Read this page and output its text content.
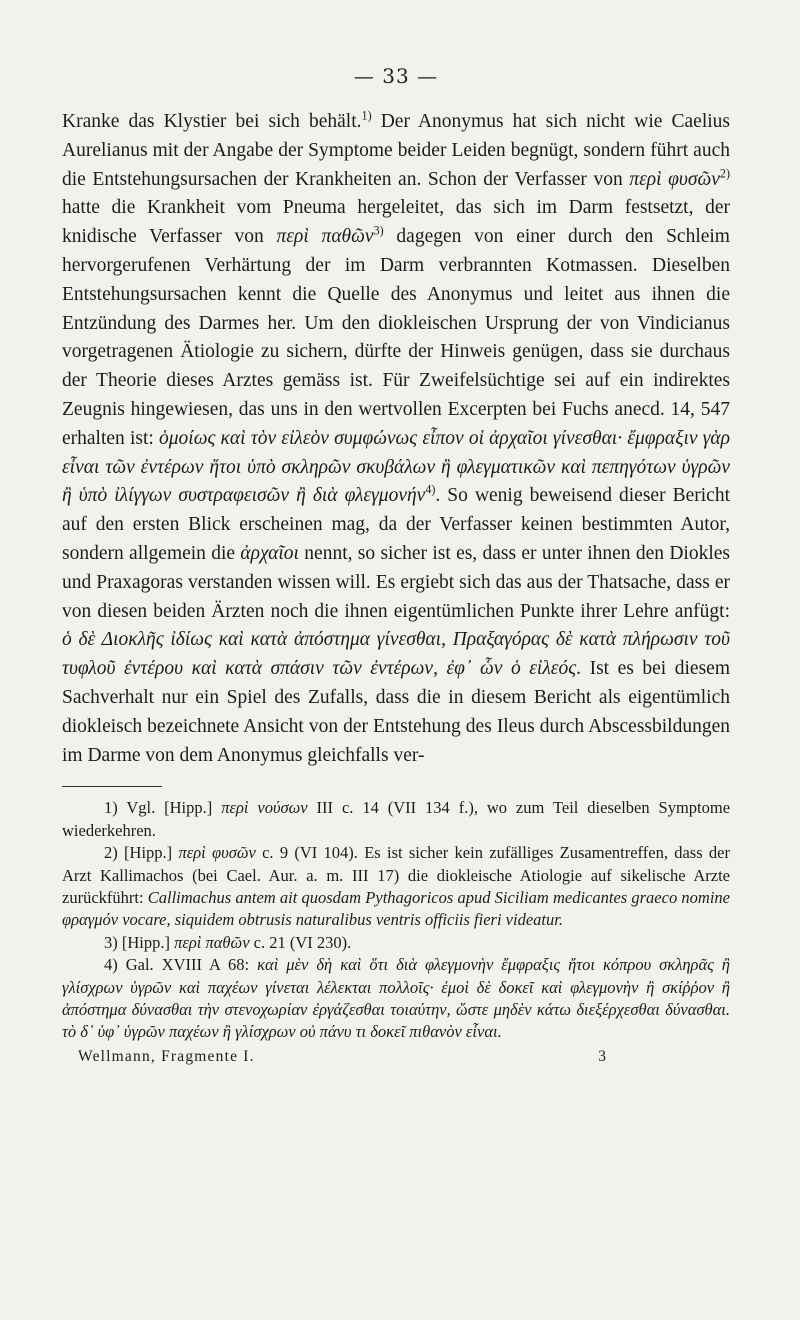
— 33 —

Kranke das Klystier bei sich behält.$^{1)}$ Der Anonymus hat sich nicht wie Caelius Aurelianus mit der Angabe der Symptome beider Leiden begnügt, sondern führt auch die Entstehungsursachen der Krankheiten an. Schon der Verfasser von περὶ φυσῶν$^{2)}$ hatte die Krankheit vom Pneuma hergeleitet, das sich im Darm festsetzt, der knidische Verfasser von περὶ παθῶν$^{3)}$ dagegen von einer durch den Schleim hervorgerufenen Verhärtung der im Darm verbrannten Kotmassen. Dieselben Entstehungsursachen kennt die Quelle des Anonymus und leitet aus ihnen die Entzündung des Darmes her. Um den diokleischen Ursprung der von Vindicianus vorgetragenen Ätiologie zu sichern, dürfte der Hinweis genügen, dass sie durchaus der Theorie dieses Arztes gemäss ist. Für Zweifelsüchtige sei auf ein indirektes Zeugnis hingewiesen, das uns in den wertvollen Excerpten bei Fuchs anecd. 14, 547 erhalten ist: ὁμοίως καὶ τὸν εἰλεὸν συμφώνως εἶπον οἱ ἀρχαῖοι γίνεσθαι· ἔμφραξιν γὰρ εἶναι τῶν ἐντέρων ἤτοι ὑπὸ σκληρῶν σκυβάλων ἢ φλεγματικῶν καὶ πεπηγότων ὑγρῶν ἢ ὑπὸ ἰλίγγων συστραφεισῶν ἢ διὰ φλεγμονήν$^{4)}$. So wenig beweisend dieser Bericht auf den ersten Blick erscheinen mag, da der Verfasser keinen bestimmten Autor, sondern allgemein die ἀρχαῖοι nennt, so sicher ist es, dass er unter ihnen den Diokles und Praxagoras verstanden wissen will. Es ergiebt sich das aus der Thatsache, dass er von diesen beiden Ärzten noch die ihnen eigentümlichen Punkte ihrer Lehre anfügt: ὁ δὲ Διοκλῆς ἰδίως καὶ κατὰ ἀπόστημα γίνεσθαι, Πραξαγόρας δὲ κατὰ πλήρωσιν τοῦ τυφλοῦ ἐντέρου καὶ κατὰ σπάσιν τῶν ἐντέρων, ἐφ᾽ ὧν ὁ εἰλεός. Ist es bei diesem Sachverhalt nur ein Spiel des Zufalls, dass die in diesem Bericht als eigentümlich diokleisch bezeichnete Ansicht von der Entstehung des Ileus durch Abscessbildungen im Darme von dem Anonymus gleichfalls ver-

1) Vgl. [Hipp.] περὶ νούσων III c. 14 (VII 134 f.), wo zum Teil dieselben Symptome wiederkehren.

2) [Hipp.] περὶ φυσῶν c. 9 (VI 104). Es ist sicher kein zufälliges Zusamentreffen, dass der Arzt Kallimachos (bei Cael. Aur. a. m. III 17) die diokleische Atiologie auf sikelische Arzte zurückführt: Callimachus antem ait quosdam Pythagoricos apud Siciliam medicantes graeco nomine φραγμόν vocare, siquidem obtrusis naturalibus ventris officiis fieri videatur.

3) [Hipp.] περὶ παθῶν c. 21 (VI 230).

4) Gal. XVIII A 68: καὶ μὲν δὴ καὶ ὅτι διὰ φλεγμονὴν ἔμφραξις ἤτοι κόπρου σκληρᾶς ἢ γλίσχρων ὑγρῶν καὶ παχέων γίνεται λέλεκται πολλοῖς· ἐμοὶ δὲ δοκεῖ καὶ φλεγμονὴν ἢ σκίῤῥον ἢ ἀπόστημα δύνασθαι τὴν στενοχωρίαν ἐργάζεσθαι τοιαύτην, ὥστε μηδὲν κάτω διεξέρχεσθαι δύνασθαι. τὸ δ᾽ ὑφ᾽ ὑγρῶν παχέων ἢ γλίσχρων οὐ πάνυ τι δοκεῖ πιθανὸν εἶναι.

Wellmann, Fragmente I.	3
